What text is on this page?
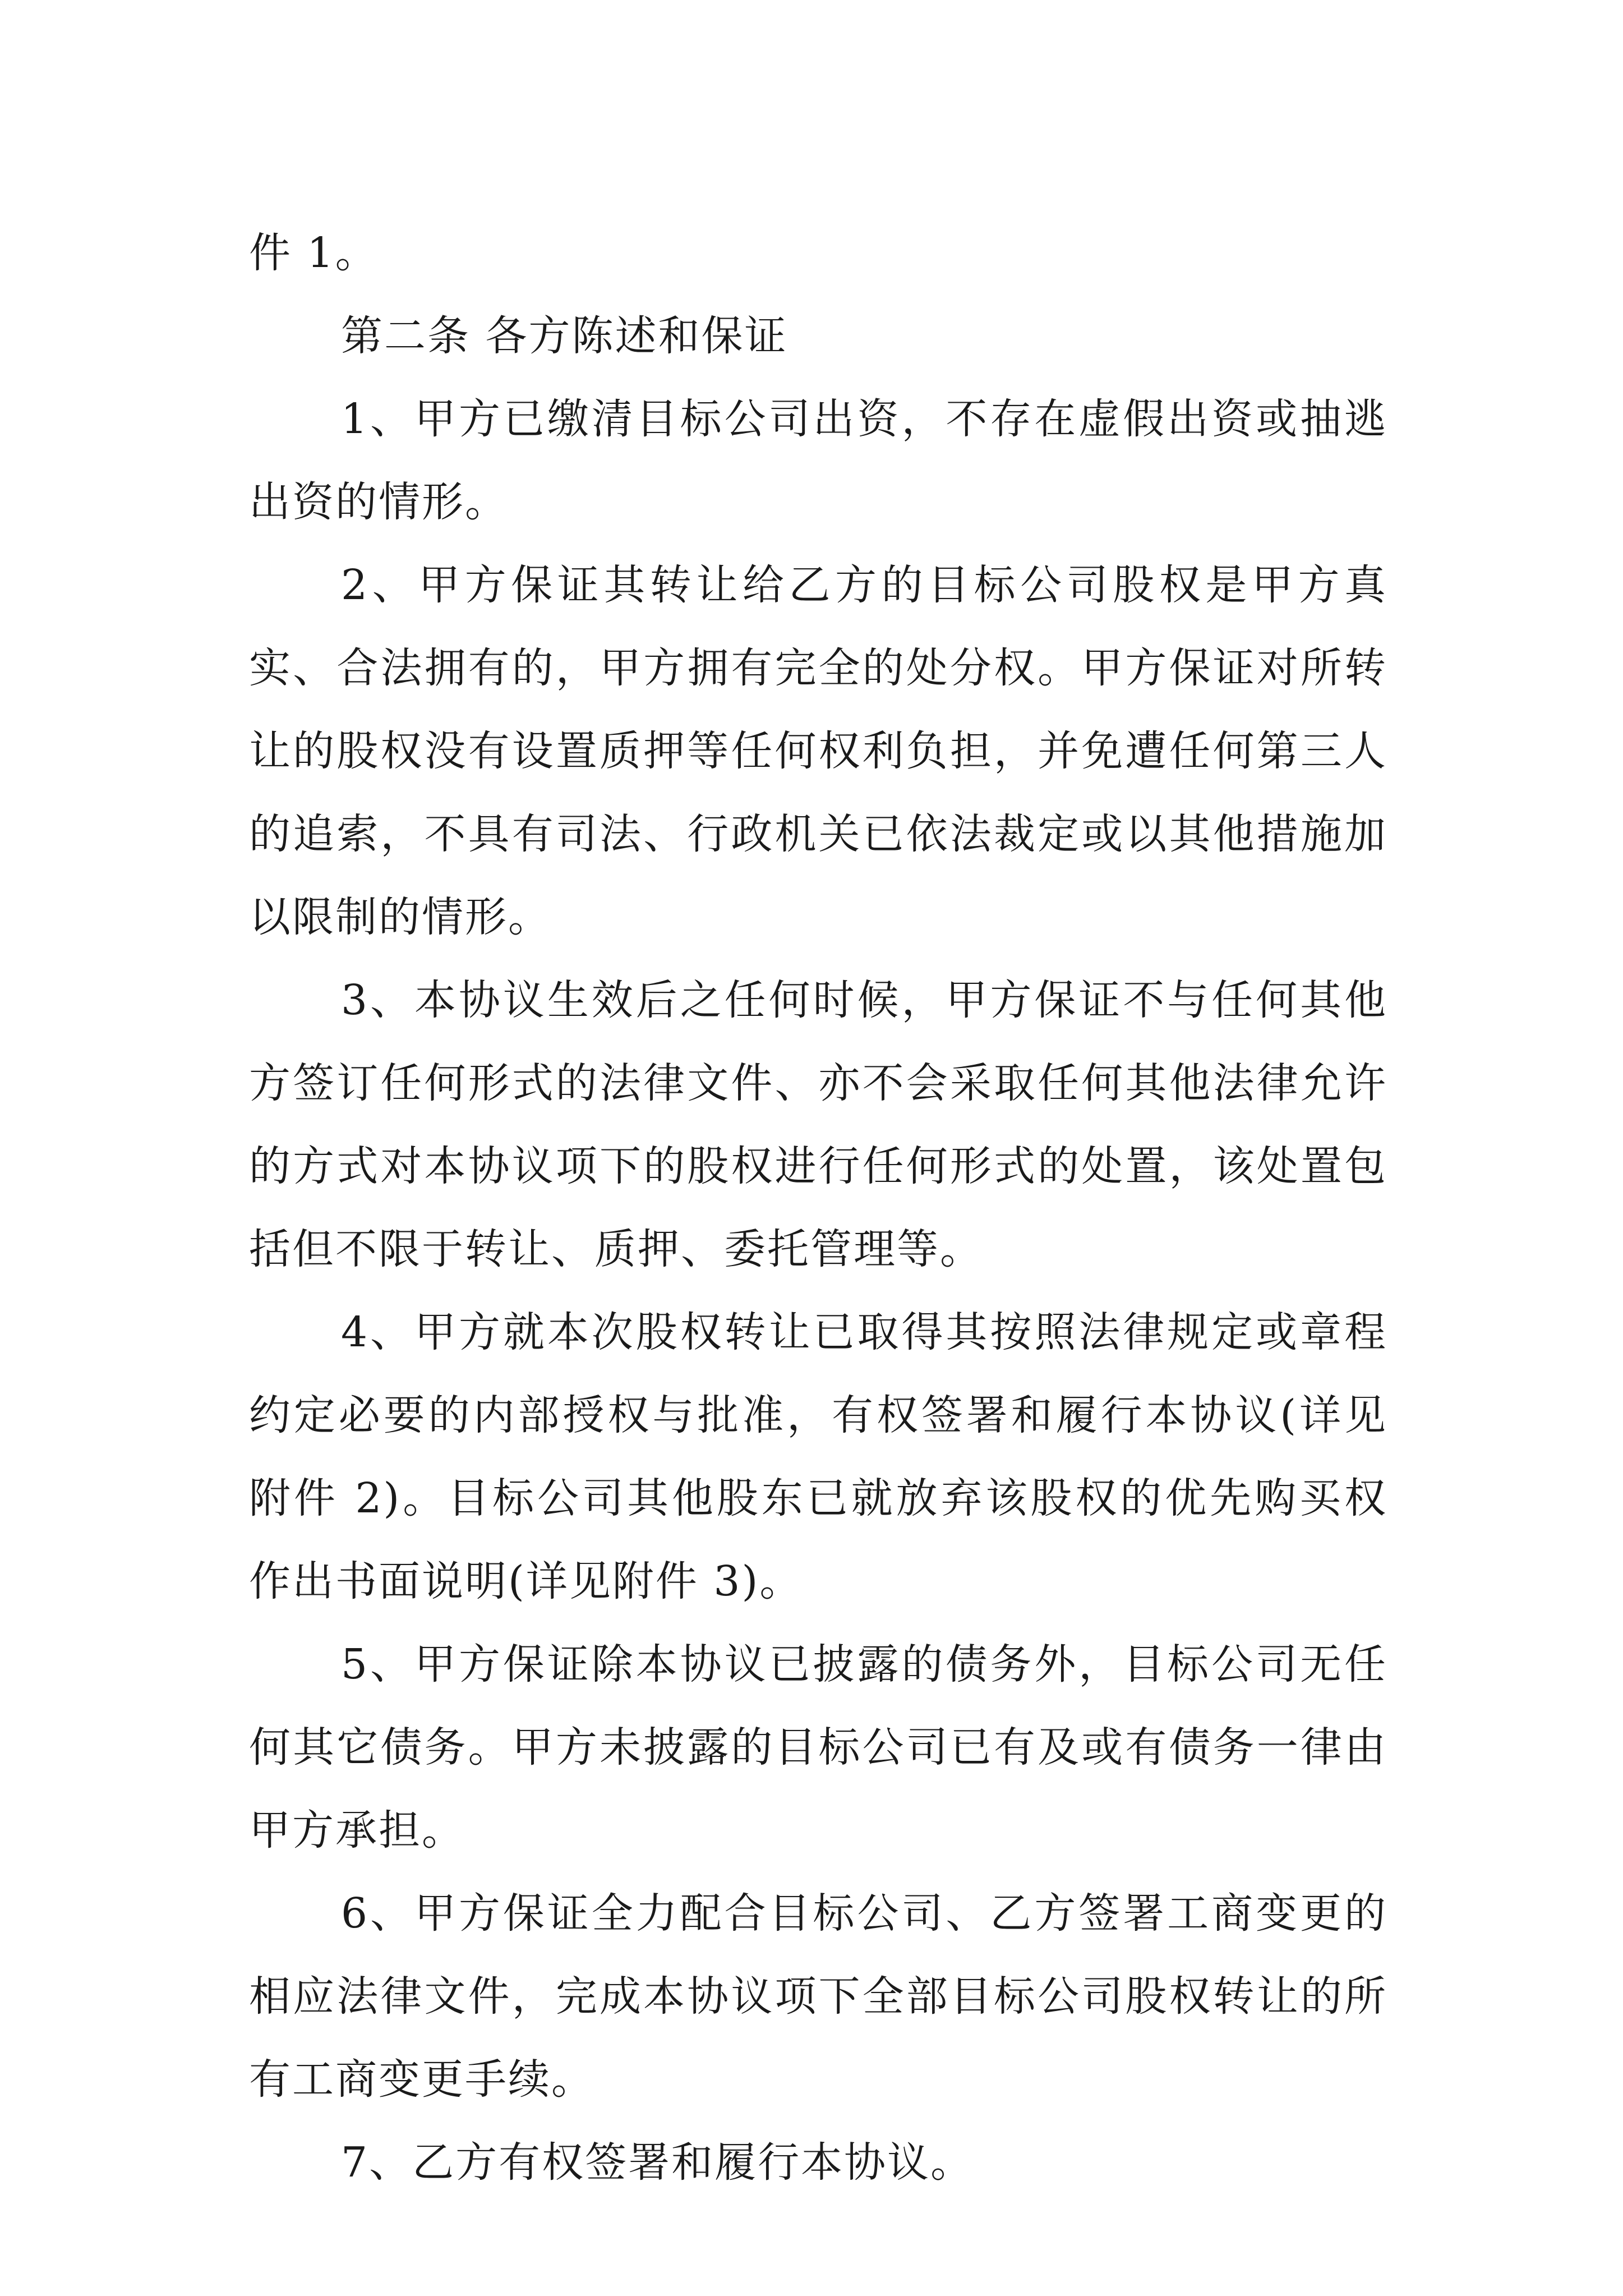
件 1。

第二条 各方陈述和保证

1、甲方已缴清目标公司出资，不存在虚假出资或抽逃出资的情形。

2、甲方保证其转让给乙方的目标公司股权是甲方真实、合法拥有的，甲方拥有完全的处分权。甲方保证对所转让的股权没有设置质押等任何权利负担，并免遭任何第三人的追索，不具有司法、行政机关已依法裁定或以其他措施加以限制的情形。

3、本协议生效后之任何时候，甲方保证不与任何其他方签订任何形式的法律文件、亦不会采取任何其他法律允许的方式对本协议项下的股权进行任何形式的处置，该处置包括但不限于转让、质押、委托管理等。

4、甲方就本次股权转让已取得其按照法律规定或章程约定必要的内部授权与批准，有权签署和履行本协议(详见附件 2)。目标公司其他股东已就放弃该股权的优先购买权作出书面说明(详见附件 3)。

5、甲方保证除本协议已披露的债务外，目标公司无任何其它债务。甲方未披露的目标公司已有及或有债务一律由甲方承担。

6、甲方保证全力配合目标公司、乙方签署工商变更的相应法律文件，完成本协议项下全部目标公司股权转让的所有工商变更手续。

7、乙方有权签署和履行本协议。
